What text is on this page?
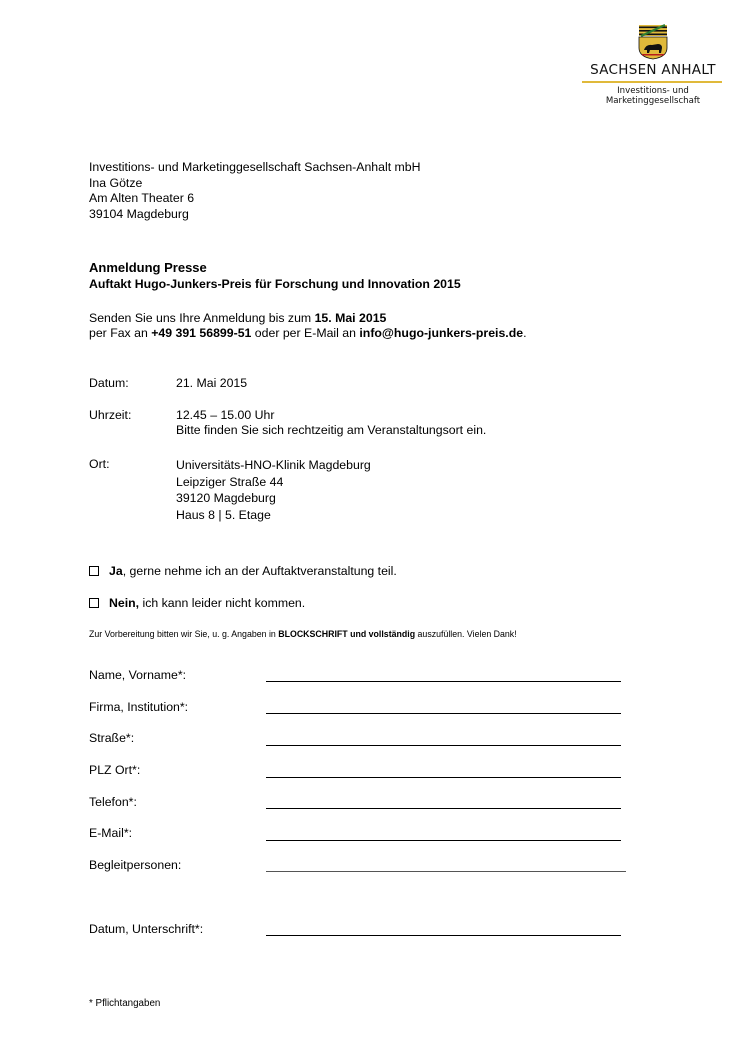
SACHSEN ANHALT
Investitions- und
Marketinggesellschaft
Investitions- und Marketinggesellschaft Sachsen-Anhalt mbH
Ina Götze
Am Alten Theater 6
39104 Magdeburg
Anmeldung Presse
Auftakt Hugo-Junkers-Preis für Forschung und Innovation 2015
Senden Sie uns Ihre Anmeldung bis zum 15. Mai 2015
per Fax an +49 391 56899-51 oder per E-Mail an info@hugo-junkers-preis.de.
Datum:	21. Mai 2015
Uhrzeit:	12.45 – 15.00 Uhr
Bitte finden Sie sich rechtzeitig am Veranstaltungsort ein.
Ort:	Universitäts-HNO-Klinik Magdeburg
Leipziger Straße 44
39120 Magdeburg
Haus 8 | 5. Etage
Ja, gerne nehme ich an der Auftaktveranstaltung teil.
Nein, ich kann leider nicht kommen.
Zur Vorbereitung bitten wir Sie, u. g. Angaben in BLOCKSCHRIFT und vollständig auszufüllen. Vielen Dank!
Name, Vorname*:
Firma, Institution*:
Straße*:
PLZ Ort*:
Telefon*:
E-Mail*:
Begleitpersonen:
Datum, Unterschrift*:
* Pflichtangaben
